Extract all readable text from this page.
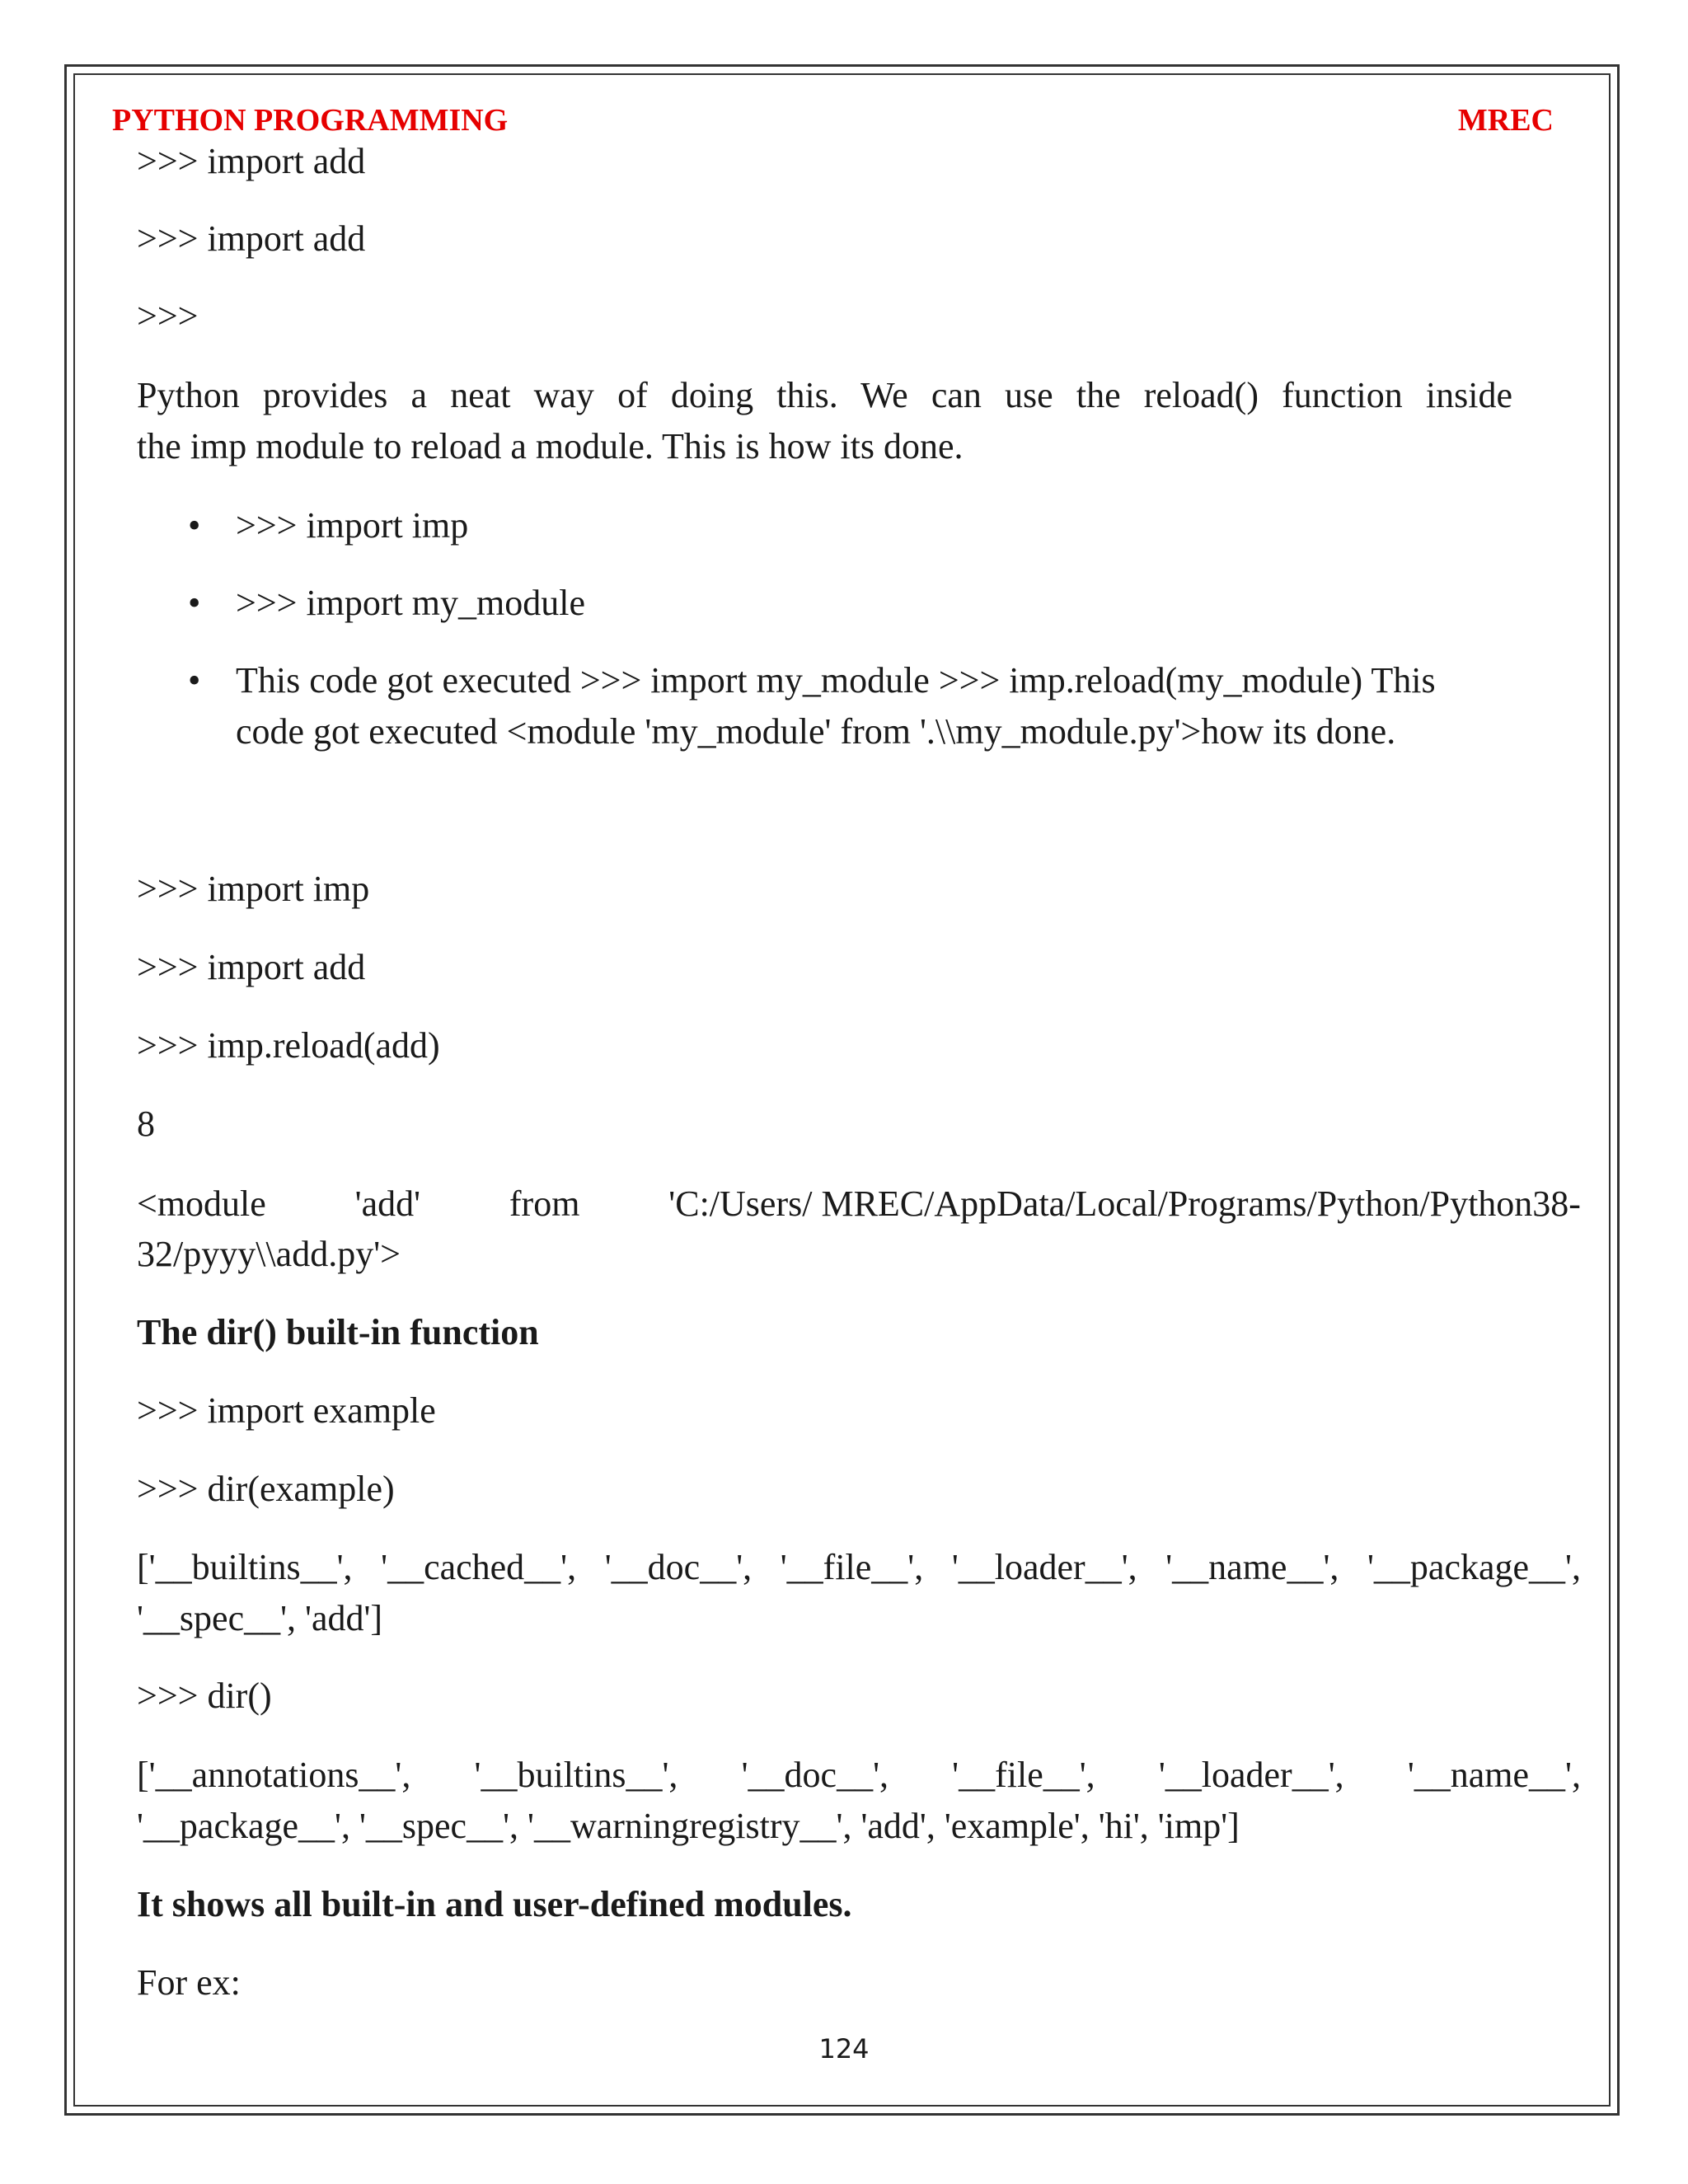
PYTHON PROGRAMMING	MREC
>>> import add
>>> import add
>>>
Python provides a neat way of doing this. We can use the reload() function inside
the imp module to reload a module. This is how its done.
• >>> import imp
• >>> import my_module
• This code got executed >>> import my_module >>> imp.reload(my_module) This
code got executed <module 'my_module' from '.\\my_module.py'>how its done.
>>> import imp
>>> import add
>>> imp.reload(add)
8
<module 'add' from 'C:/Users/ MREC/AppData/Local/Programs/Python/Python38-
32/pyyy\\add.py'>
The dir() built-in function
>>> import example
>>> dir(example)
['__builtins__', '__cached__', '__doc__', '__file__', '__loader__', '__name__', '__package__',
'__spec__', 'add']
>>> dir()
['__annotations__', '__builtins__', '__doc__', '__file__', '__loader__', '__name__',
'__package__', '__spec__', '__warningregistry__', 'add', 'example', 'hi', 'imp']
It shows all built-in and user-defined modules.
For ex:
124
